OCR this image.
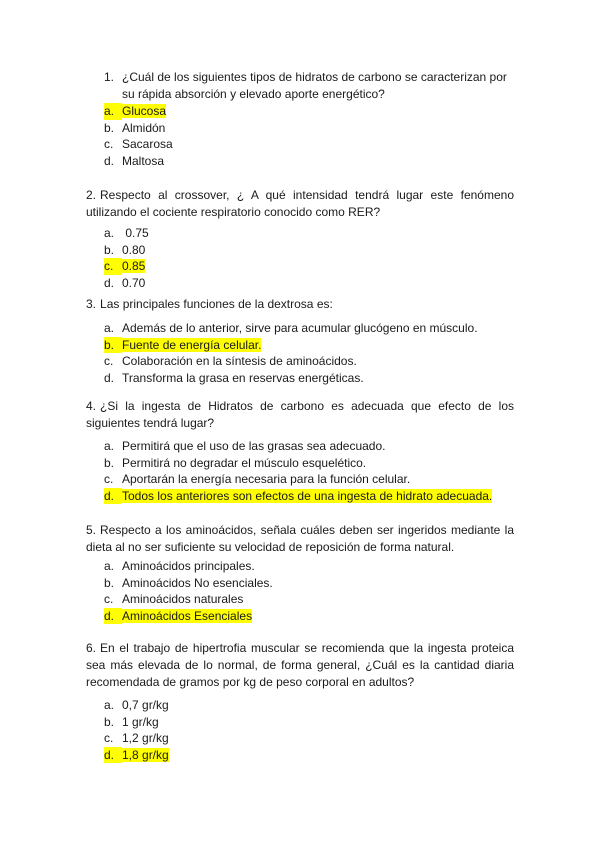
1. ¿Cuál de los siguientes tipos de hidratos de carbono se caracterizan por su rápida absorción y elevado aporte energético?
a. Glucosa
b. Almidón
c. Sacarosa
d. Maltosa
2. Respecto al crossover, ¿ A qué intensidad tendrá lugar este fenómeno utilizando el cociente respiratorio conocido como RER?
a. 0.75
b. 0.80
c. 0.85
d. 0.70
3. Las principales funciones de la dextrosa es:
a. Además de lo anterior, sirve para acumular glucógeno en músculo.
b. Fuente de energía celular.
c. Colaboración en la síntesis de aminoácidos.
d. Transforma la grasa en reservas energéticas.
4. ¿Si la ingesta de Hidratos de carbono es adecuada que efecto de los siguientes tendrá lugar?
a. Permitirá que el uso de las grasas sea adecuado.
b. Permitirá no degradar el músculo esquelético.
c. Aportarán la energía necesaria para la función celular.
d. Todos los anteriores son efectos de una ingesta de hidrato adecuada.
5. Respecto a los aminoácidos, señala cuáles deben ser ingeridos mediante la dieta al no ser suficiente su velocidad de reposición de forma natural.
a. Aminoácidos principales.
b. Aminoácidos No esenciales.
c. Aminoácidos naturales
d. Aminoácidos Esenciales
6. En el trabajo de hipertrofia muscular se recomienda que la ingesta proteica sea más elevada de lo normal, de forma general, ¿Cuál es la cantidad diaria recomendada de gramos por kg de peso corporal en adultos?
a. 0,7 gr/kg
b. 1 gr/kg
c. 1,2 gr/kg
d. 1,8 gr/kg
